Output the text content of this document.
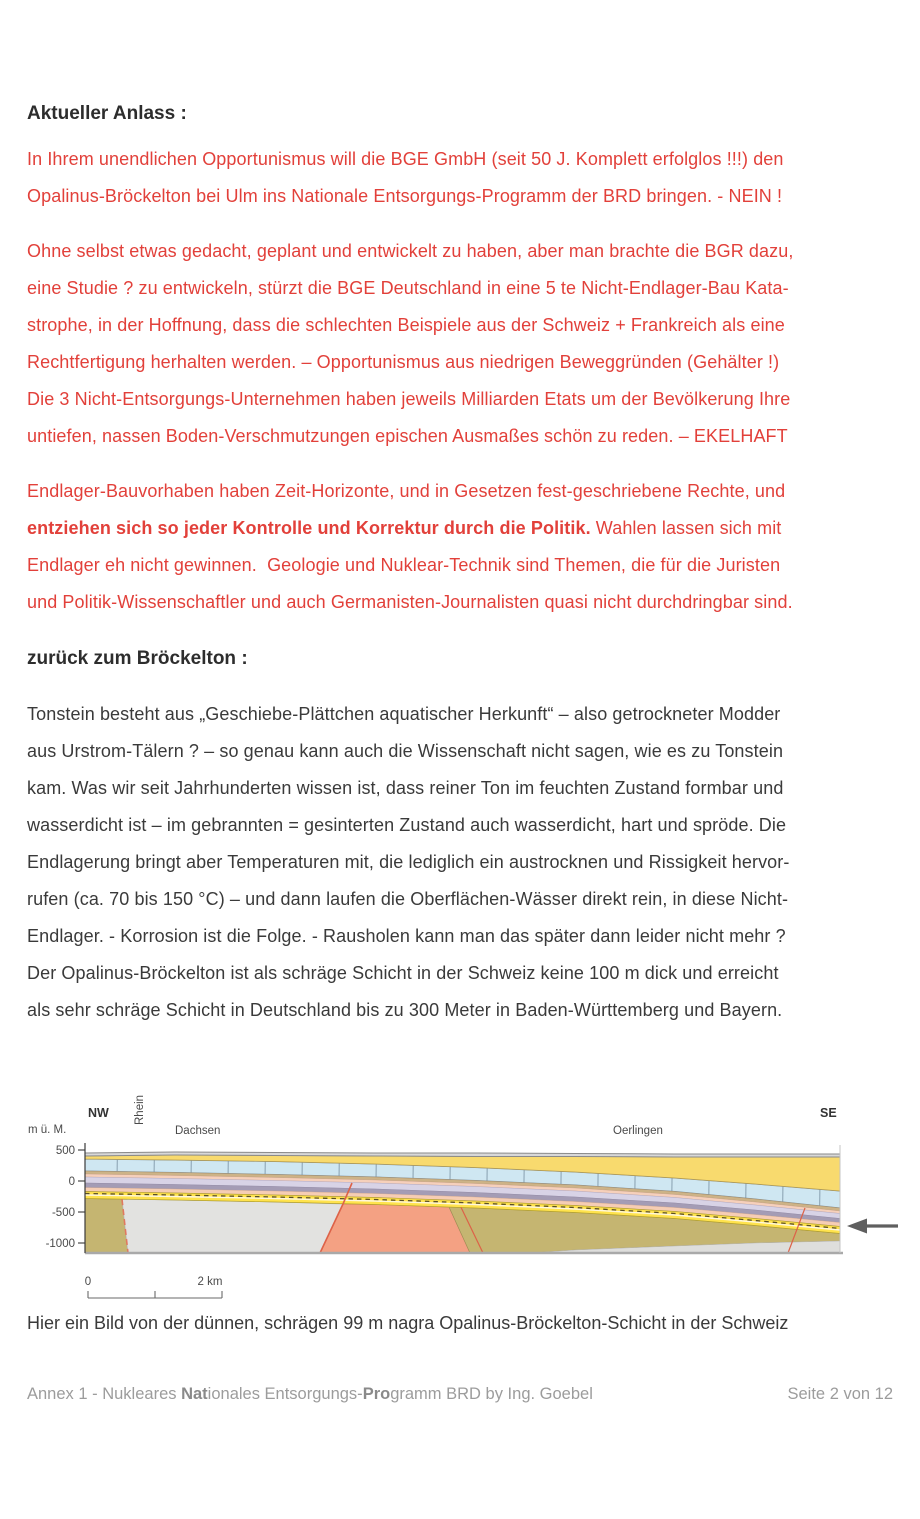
Aktueller Anlass :
In Ihrem unendlichen Opportunismus will die BGE GmbH (seit 50 J. Komplett erfolglos !!!) den
Opalinus-Bröckelton bei Ulm ins Nationale Entsorgungs-Programm der BRD bringen. - NEIN !
Ohne selbst etwas gedacht, geplant und entwickelt zu haben, aber man brachte die BGR dazu,
eine Studie ? zu entwickeln, stürzt die BGE Deutschland in eine 5 te Nicht-Endlager-Bau Kata-
strophe, in der Hoffnung, dass die schlechten Beispiele aus der Schweiz + Frankreich als eine
Rechtfertigung herhalten werden. – Opportunismus aus niedrigen Beweggründen (Gehälter !)
Die 3 Nicht-Entsorgungs-Unternehmen haben jeweils Milliarden Etats um der Bevölkerung Ihre
untiefen, nassen Boden-Verschmutzungen epischen Ausmaßes schön zu reden. – EKELHAFT
Endlager-Bauvorhaben haben Zeit-Horizonte, und in Gesetzen fest-geschriebene Rechte, und
entziehen sich so jeder Kontrolle und Korrektur durch die Politik. Wahlen lassen sich mit
Endlager eh nicht gewinnen.  Geologie und Nuklear-Technik sind Themen, die für die Juristen
und Politik-Wissenschaftler und auch Germanisten-Journalisten quasi nicht durchdringbar sind.
zurück zum Bröckelton :
Tonstein besteht aus „Geschiebe-Plättchen aquatischer Herkunft“ – also getrockneter Modder
aus Urstrom-Tälern ? – so genau kann auch die Wissenschaft nicht sagen, wie es zu Tonstein
kam. Was wir seit Jahrhunderten wissen ist, dass reiner Ton im feuchten Zustand formbar und
wasserdicht ist – im gebrannten = gesinterten Zustand auch wasserdicht, hart und spröde. Die
Endlagerung bringt aber Temperaturen mit, die lediglich ein austrocknen und Rissigkeit hervor-
rufen (ca. 70 bis 150 °C) – und dann laufen die Oberflächen-Wässer direkt rein, in diese Nicht-
Endlager. - Korrosion ist die Folge. - Rausholen kann man das später dann leider nicht mehr ?
Der Opalinus-Bröckelton ist als schräge Schicht in der Schweiz keine 100 m dick und erreicht
als sehr schräge Schicht in Deutschland bis zu 300 Meter in Baden-Württemberg und Bayern.
500
0
-500
-1000
m ü. M.
NW	SE
Rhein
Dachsen	Oerlingen
0	2 km
Hier ein Bild von der dünnen, schrägen 99 m nagra Opalinus-Bröckelton-Schicht in der Schweiz
Annex 1 - Nukleares Nationales Entsorgungs-Programm BRD by Ing. Goebel	Seite 2 von 12
